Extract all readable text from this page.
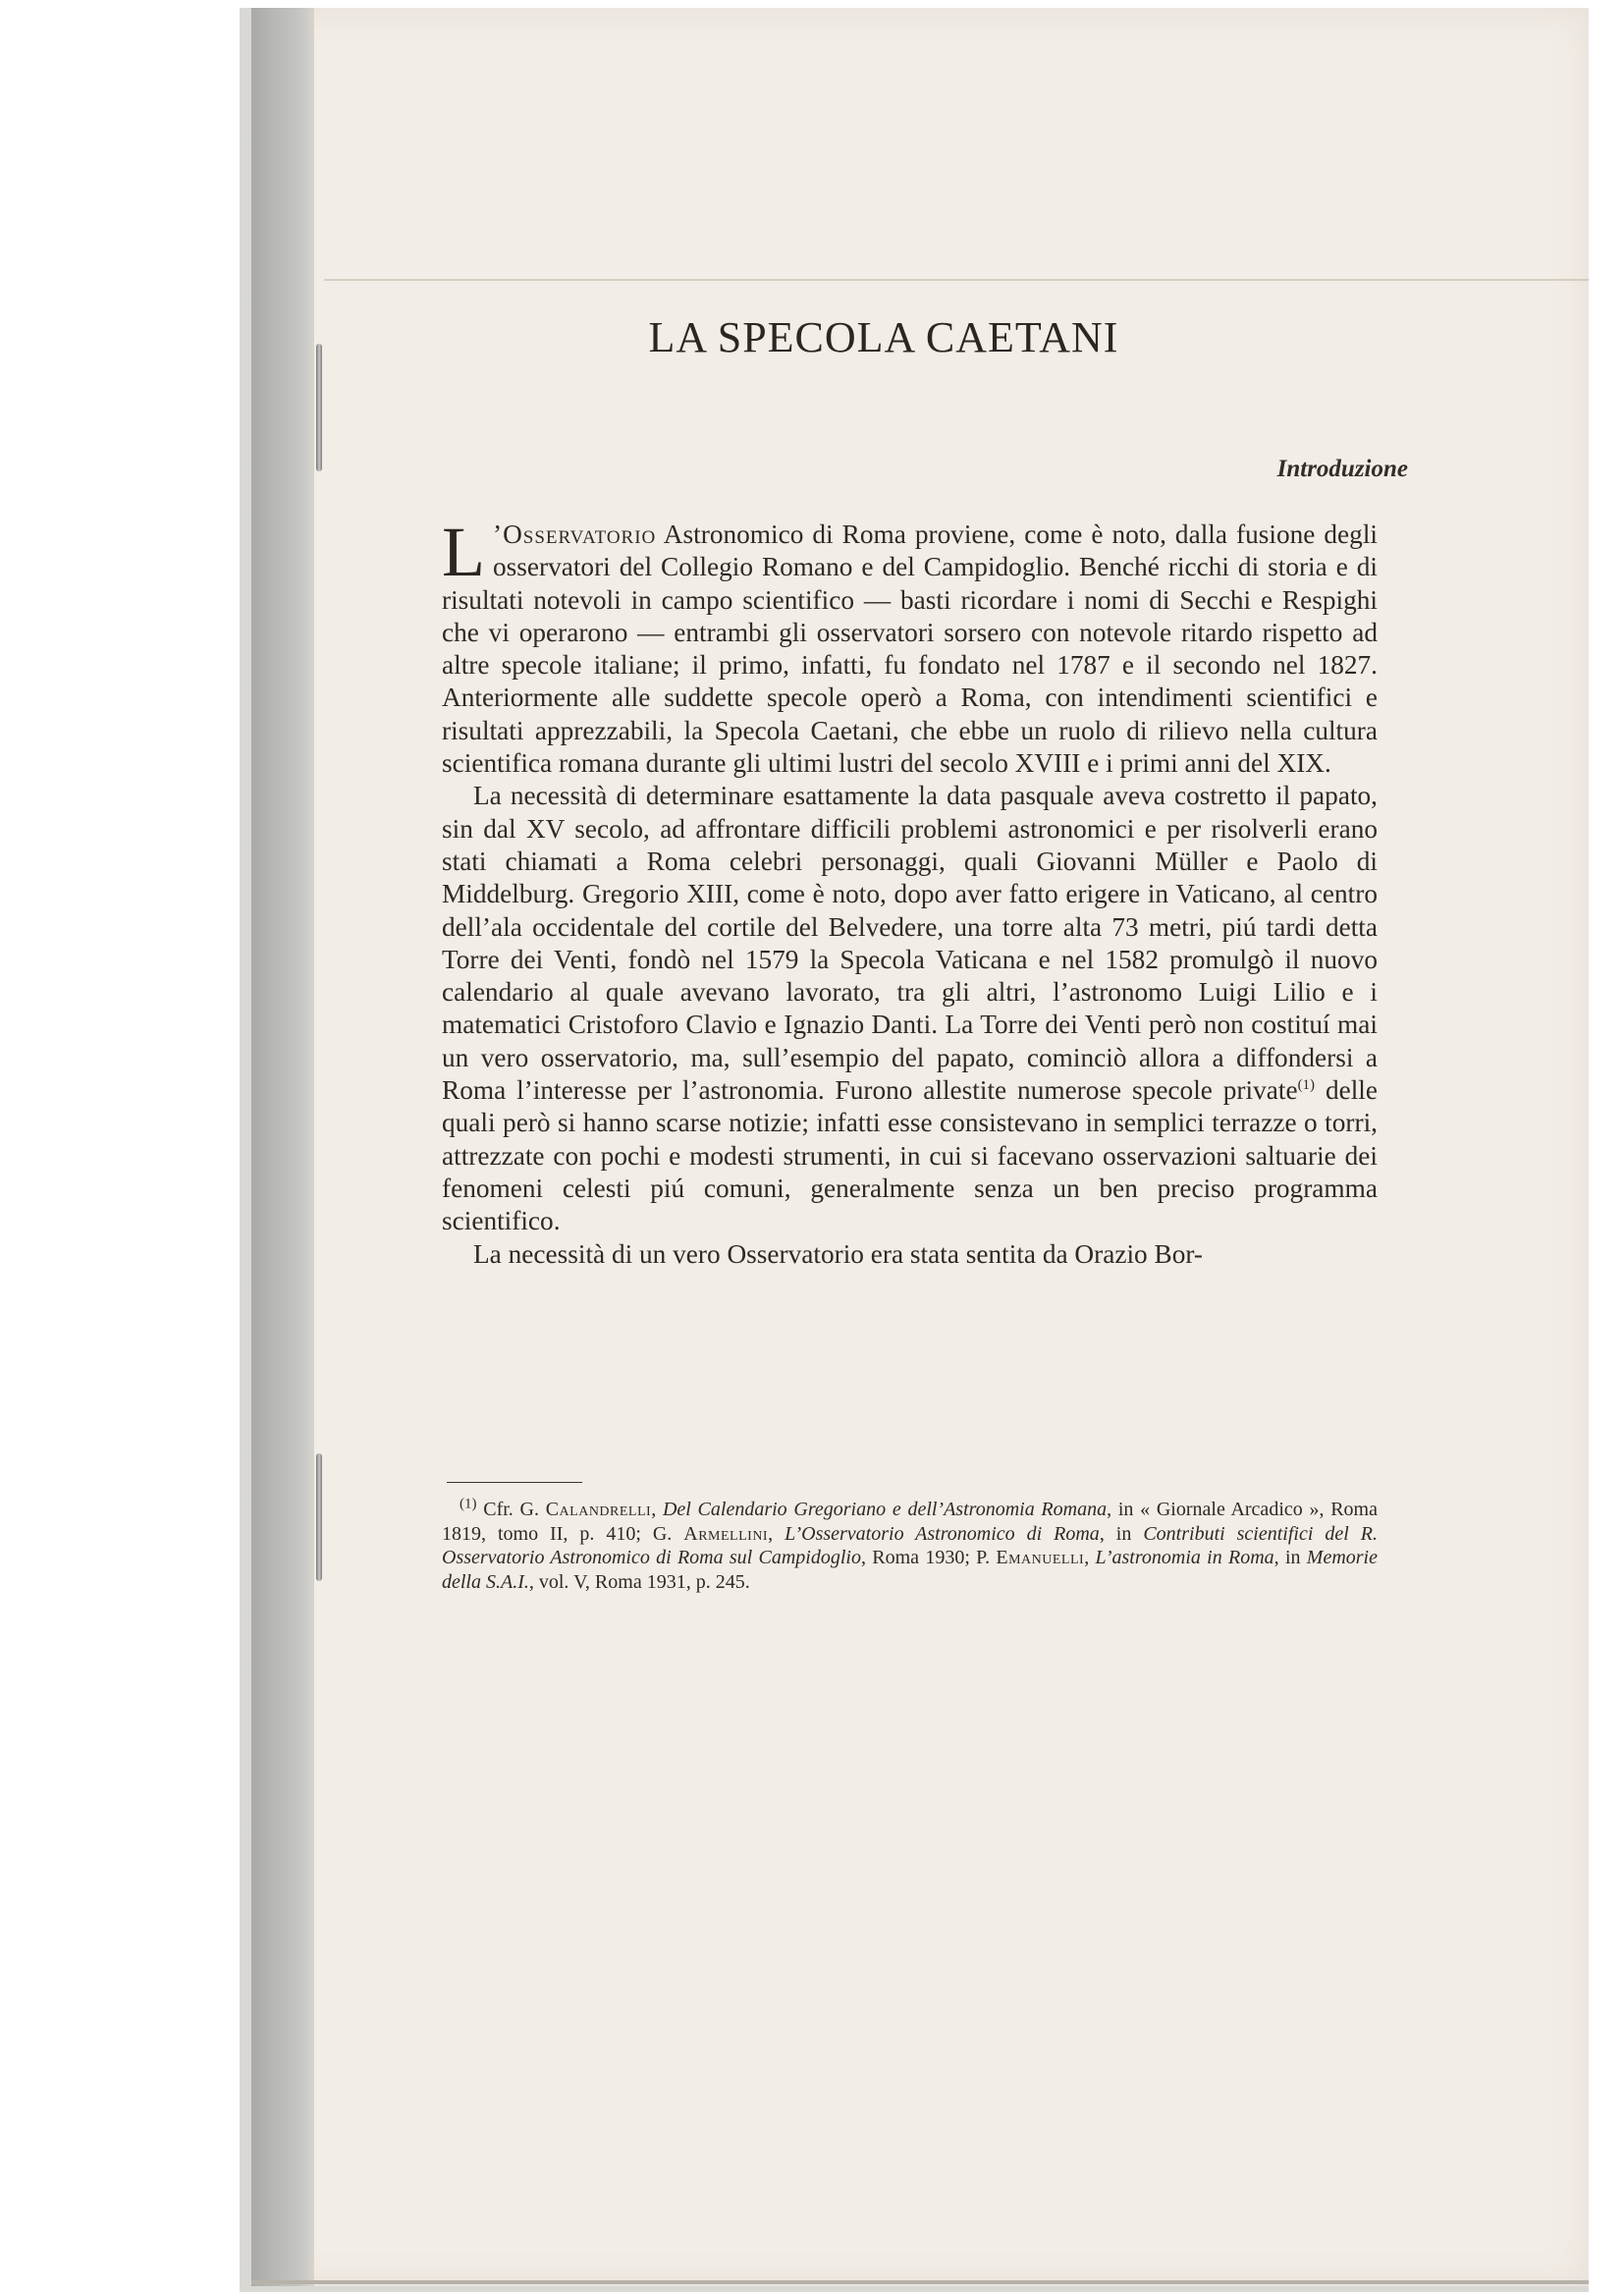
LA SPECOLA CAETANI
Introduzione

L ’Osservatorio Astronomico di Roma proviene, come è noto, dalla fusione degli osservatori del Collegio Romano e del Campidoglio. Benché ricchi di storia e di risultati notevoli in campo scientifico — basti ricordare i nomi di Secchi e Respighi che vi operarono — entrambi gli osservatori sorsero con notevole ritardo rispetto ad altre specole italiane; il primo, infatti, fu fondato nel 1787 e il secondo nel 1827. Anteriormente alle suddette specole operò a Roma, con intendimenti scientifici e risultati apprezzabili, la Specola Caetani, che ebbe un ruolo di rilievo nella cultura scientifica romana durante gli ultimi lustri del secolo XVIII e i primi anni del XIX.

La necessità di determinare esattamente la data pasquale aveva costretto il papato, sin dal XV secolo, ad affrontare difficili problemi astronomici e per risolverli erano stati chiamati a Roma celebri personaggi, quali Giovanni Müller e Paolo di Middelburg. Gregorio XIII, come è noto, dopo aver fatto erigere in Vaticano, al centro dell’ala occidentale del cortile del Belvedere, una torre alta 73 metri, piú tardi detta Torre dei Venti, fondò nel 1579 la Specola Vaticana e nel 1582 promulgò il nuovo calendario al quale avevano lavorato, tra gli altri, l’astronomo Luigi Lilio e i matematici Cristoforo Clavio e Ignazio Danti. La Torre dei Venti però non costituí mai un vero osservatorio, ma, sull’esempio del papato, cominciò allora a diffondersi a Roma l’interesse per l’astronomia. Furono allestite numerose specole private$^{(1)}$ delle quali però si hanno scarse notizie; infatti esse consistevano in semplici terrazze o torri, attrezzate con pochi e modesti strumenti, in cui si facevano osservazioni saltuarie dei fenomeni celesti piú comuni, generalmente senza un ben preciso programma scientifico.

La necessità di un vero Osservatorio era stata sentita da Orazio Bor-

$^{(1)}$ Cfr. G. Calandrelli, Del Calendario Gregoriano e dell’Astronomia Romana, in « Giornale Arcadico », Roma 1819, tomo II, p. 410; G. Armellini, L’Osservatorio Astronomico di Roma, in Contributi scientifici del R. Osservatorio Astronomico di Roma sul Campidoglio, Roma 1930; P. Emanuelli, L’astronomia in Roma, in Memorie della S.A.I., vol. V, Roma 1931, p. 245.
